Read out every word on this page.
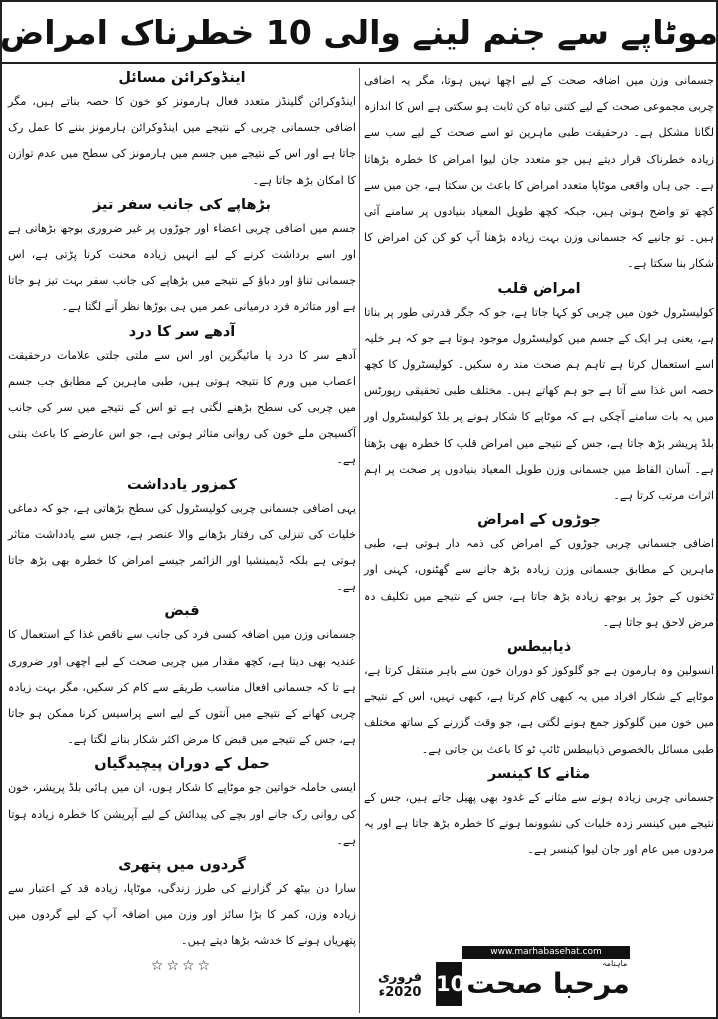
موٹاپے سے جنم لینے والی 10 خطرناک امراض

جسمانی وزن میں اضافہ صحت کے لیے اچھا نہیں ہوتا، مگر یہ اضافی چربی مجموعی صحت کے لیے کتنی تباہ کن ثابت ہو سکتی ہے اس کا اندازہ لگانا مشکل ہے۔ درحقیقت طبی ماہرین تو اسے صحت کے لیے سب سے زیادہ خطرناک قرار دیتے ہیں جو متعدد جان لیوا امراض کا خطرہ بڑھاتا ہے۔ جی ہاں واقعی موٹاپا متعدد امراض کا باعث بن سکتا ہے، جن میں سے کچھ تو واضح ہوتی ہیں، جبکہ کچھ طویل المعیاد بنیادوں پر سامنے آتی ہیں۔ تو جانیے کہ جسمانی وزن بہت زیادہ بڑھنا آپ کو کن کن امراض کا شکار بنا سکتا ہے۔

امراض قلب

کولیسٹرول خون میں چربی کو کہا جاتا ہے، جو کہ جگر قدرتی طور پر بناتا ہے، یعنی ہر ایک کے جسم میں کولیسٹرول موجود ہوتا ہے جو کہ ہر خلیہ اسے استعمال کرتا ہے تاہم ہم صحت مند رہ سکیں۔ کولیسٹرول کا کچھ حصہ اس غذا سے آتا ہے جو ہم کھاتے ہیں۔ مختلف طبی تحقیقی رپورٹس میں یہ بات سامنے آچکی ہے کہ موٹاپے کا شکار ہونے پر بلڈ کولیسٹرول اور بلڈ پریشر بڑھ جاتا ہے، جس کے نتیجے میں امراض قلب کا خطرہ بھی بڑھتا ہے۔ آسان الفاظ میں جسمانی وزن طویل المعیاد بنیادوں پر صحت پر اہم اثرات مرتب کرتا ہے۔

جوڑوں کے امراض

اضافی جسمانی چربی جوڑوں کے امراض کی ذمہ دار ہوتی ہے، طبی ماہرین کے مطابق جسمانی وزن زیادہ بڑھ جانے سے گھٹنوں، کہنی اور ٹخنوں کے جوڑ پر بوجھ زیادہ بڑھ جاتا ہے، جس کے نتیجے میں تکلیف دہ مرض لاحق ہو جاتا ہے۔

ذیابیطس

انسولین وہ ہارمون ہے جو گلوکوز کو دوران خون سے باہر منتقل کرتا ہے، موٹاپے کے شکار افراد میں یہ کبھی کام کرتا ہے، کبھی نہیں، اس کے نتیجے میں خون میں گلوکوز جمع ہونے لگتی ہے، جو وقت گزرنے کے ساتھ مختلف طبی مسائل بالخصوص ذیابیطس ٹائپ ٹو کا باعث بن جاتی ہے۔

مثانے کا کینسر

جسمانی چربی زیادہ ہونے سے مثانے کے غدود بھی پھیل جاتے ہیں، جس کے نتیجے میں کینسر زدہ خلیات کی نشوونما ہونے کا خطرہ بڑھ جاتا ہے اور یہ مردوں میں عام اور جان لیوا کینسر ہے۔

اینڈوکرائن مسائل

اینڈوکرائن گلینڈز متعدد فعال ہارمونز کو خون کا حصہ بناتے ہیں، مگر اضافی جسمانی چربی کے نتیجے میں اینڈوکرائن ہارمونز بننے کا عمل رک جاتا ہے اور اس کے نتیجے میں جسم میں ہارمونز کی سطح میں عدم توازن کا امکان بڑھ جاتا ہے۔

بڑھاپے کی جانب سفر تیز

جسم میں اضافی چربی اعضاء اور جوڑوں پر غیر ضروری بوجھ بڑھاتی ہے اور اسے برداشت کرنے کے لیے انہیں زیادہ محنت کرنا پڑتی ہے، اس جسمانی تناؤ اور دباؤ کے نتیجے میں بڑھاپے کی جانب سفر بہت تیز ہو جاتا ہے اور متاثرہ فرد درمیانی عمر میں ہی بوڑھا نظر آنے لگتا ہے۔

آدھے سر کا درد

آدھے سر کا درد یا مائیگرین اور اس سے ملتی جلتی علامات درحقیقت اعصاب میں ورم کا نتیجہ ہوتی ہیں، طبی ماہرین کے مطابق جب جسم میں چربی کی سطح بڑھنے لگتی ہے تو اس کے نتیجے میں سر کی جانب آکسیجن ملے خون کی روانی متاثر ہوتی ہے، جو اس عارضے کا باعث بنتی ہے۔

کمزور یادداشت

یہی اضافی جسمانی چربی کولیسٹرول کی سطح بڑھاتی ہے، جو کہ دماغی خلیات کی تنزلی کی رفتار بڑھانے والا عنصر ہے، جس سے یادداشت متاثر ہوتی ہے بلکہ ڈیمینشیا اور الزائمر جیسے امراض کا خطرہ بھی بڑھ جاتا ہے۔

قبض

جسمانی وزن میں اضافہ کسی فرد کی جانب سے ناقص غذا کے استعمال کا عندیہ بھی دیتا ہے، کچھ مقدار میں چربی صحت کے لیے اچھی اور ضروری ہے تا کہ جسمانی افعال مناسب طریقے سے کام کر سکیں، مگر بہت زیادہ چربی کھانے کے نتیجے میں آنتوں کے لیے اسے پراسیس کرنا ممکن ہو جاتا ہے، جس کے نتیجے میں قبض کا مرض اکثر شکار بنانے لگتا ہے۔

حمل کے دوران پیچیدگیاں

ایسی حاملہ خواتین جو موٹاپے کا شکار ہوں، ان میں ہائی بلڈ پریشر، خون کی روانی رک جانے اور بچے کی پیدائش کے لیے آپریشن کا خطرہ زیادہ ہوتا ہے۔

گردوں میں پتھری

سارا دن بیٹھ کر گزارنے کی طرز زندگی، موٹاپا، زیادہ قد کے اعتبار سے زیادہ وزن، کمر کا بڑا سائز اور وزن میں اضافہ آپ کے لیے گردوں میں پتھریاں ہونے کا خدشہ بڑھا دیتے ہیں۔

☆☆☆☆
www.marhabasehat.com
10 مرحبا صحت
ماہنامہ
فروری 2020ء
